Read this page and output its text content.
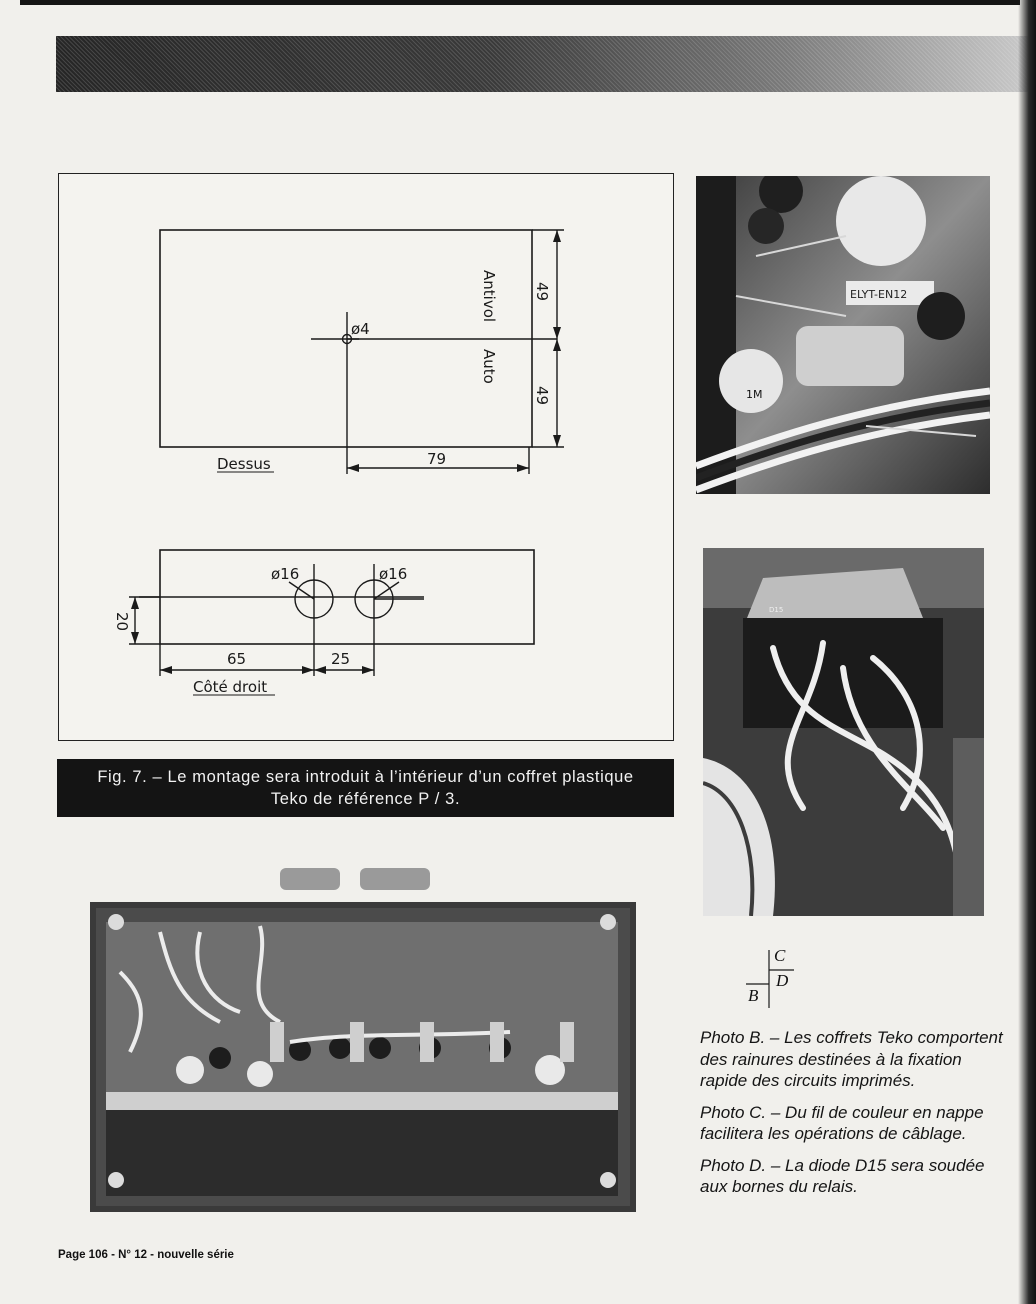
Dessus
ø4
79
Antivol
Auto
49
49
ø16	ø16
20
65	25
Côté droit
Fig. 7. – Le montage sera introduit à l’intérieur d’un coffret plastique
Teko de référence P / 3.
ELYT-EN12
1M
D15
C
D
B

Photo B. – Les coffrets Teko comportent des rainures destinées à la fixation rapide des circuits imprimés.

Photo C. – Du fil de couleur en nappe facilitera les opérations de câblage.

Photo D. – La diode D15 sera soudée aux bornes du relais.

Page 106 - N° 12 - nouvelle série
